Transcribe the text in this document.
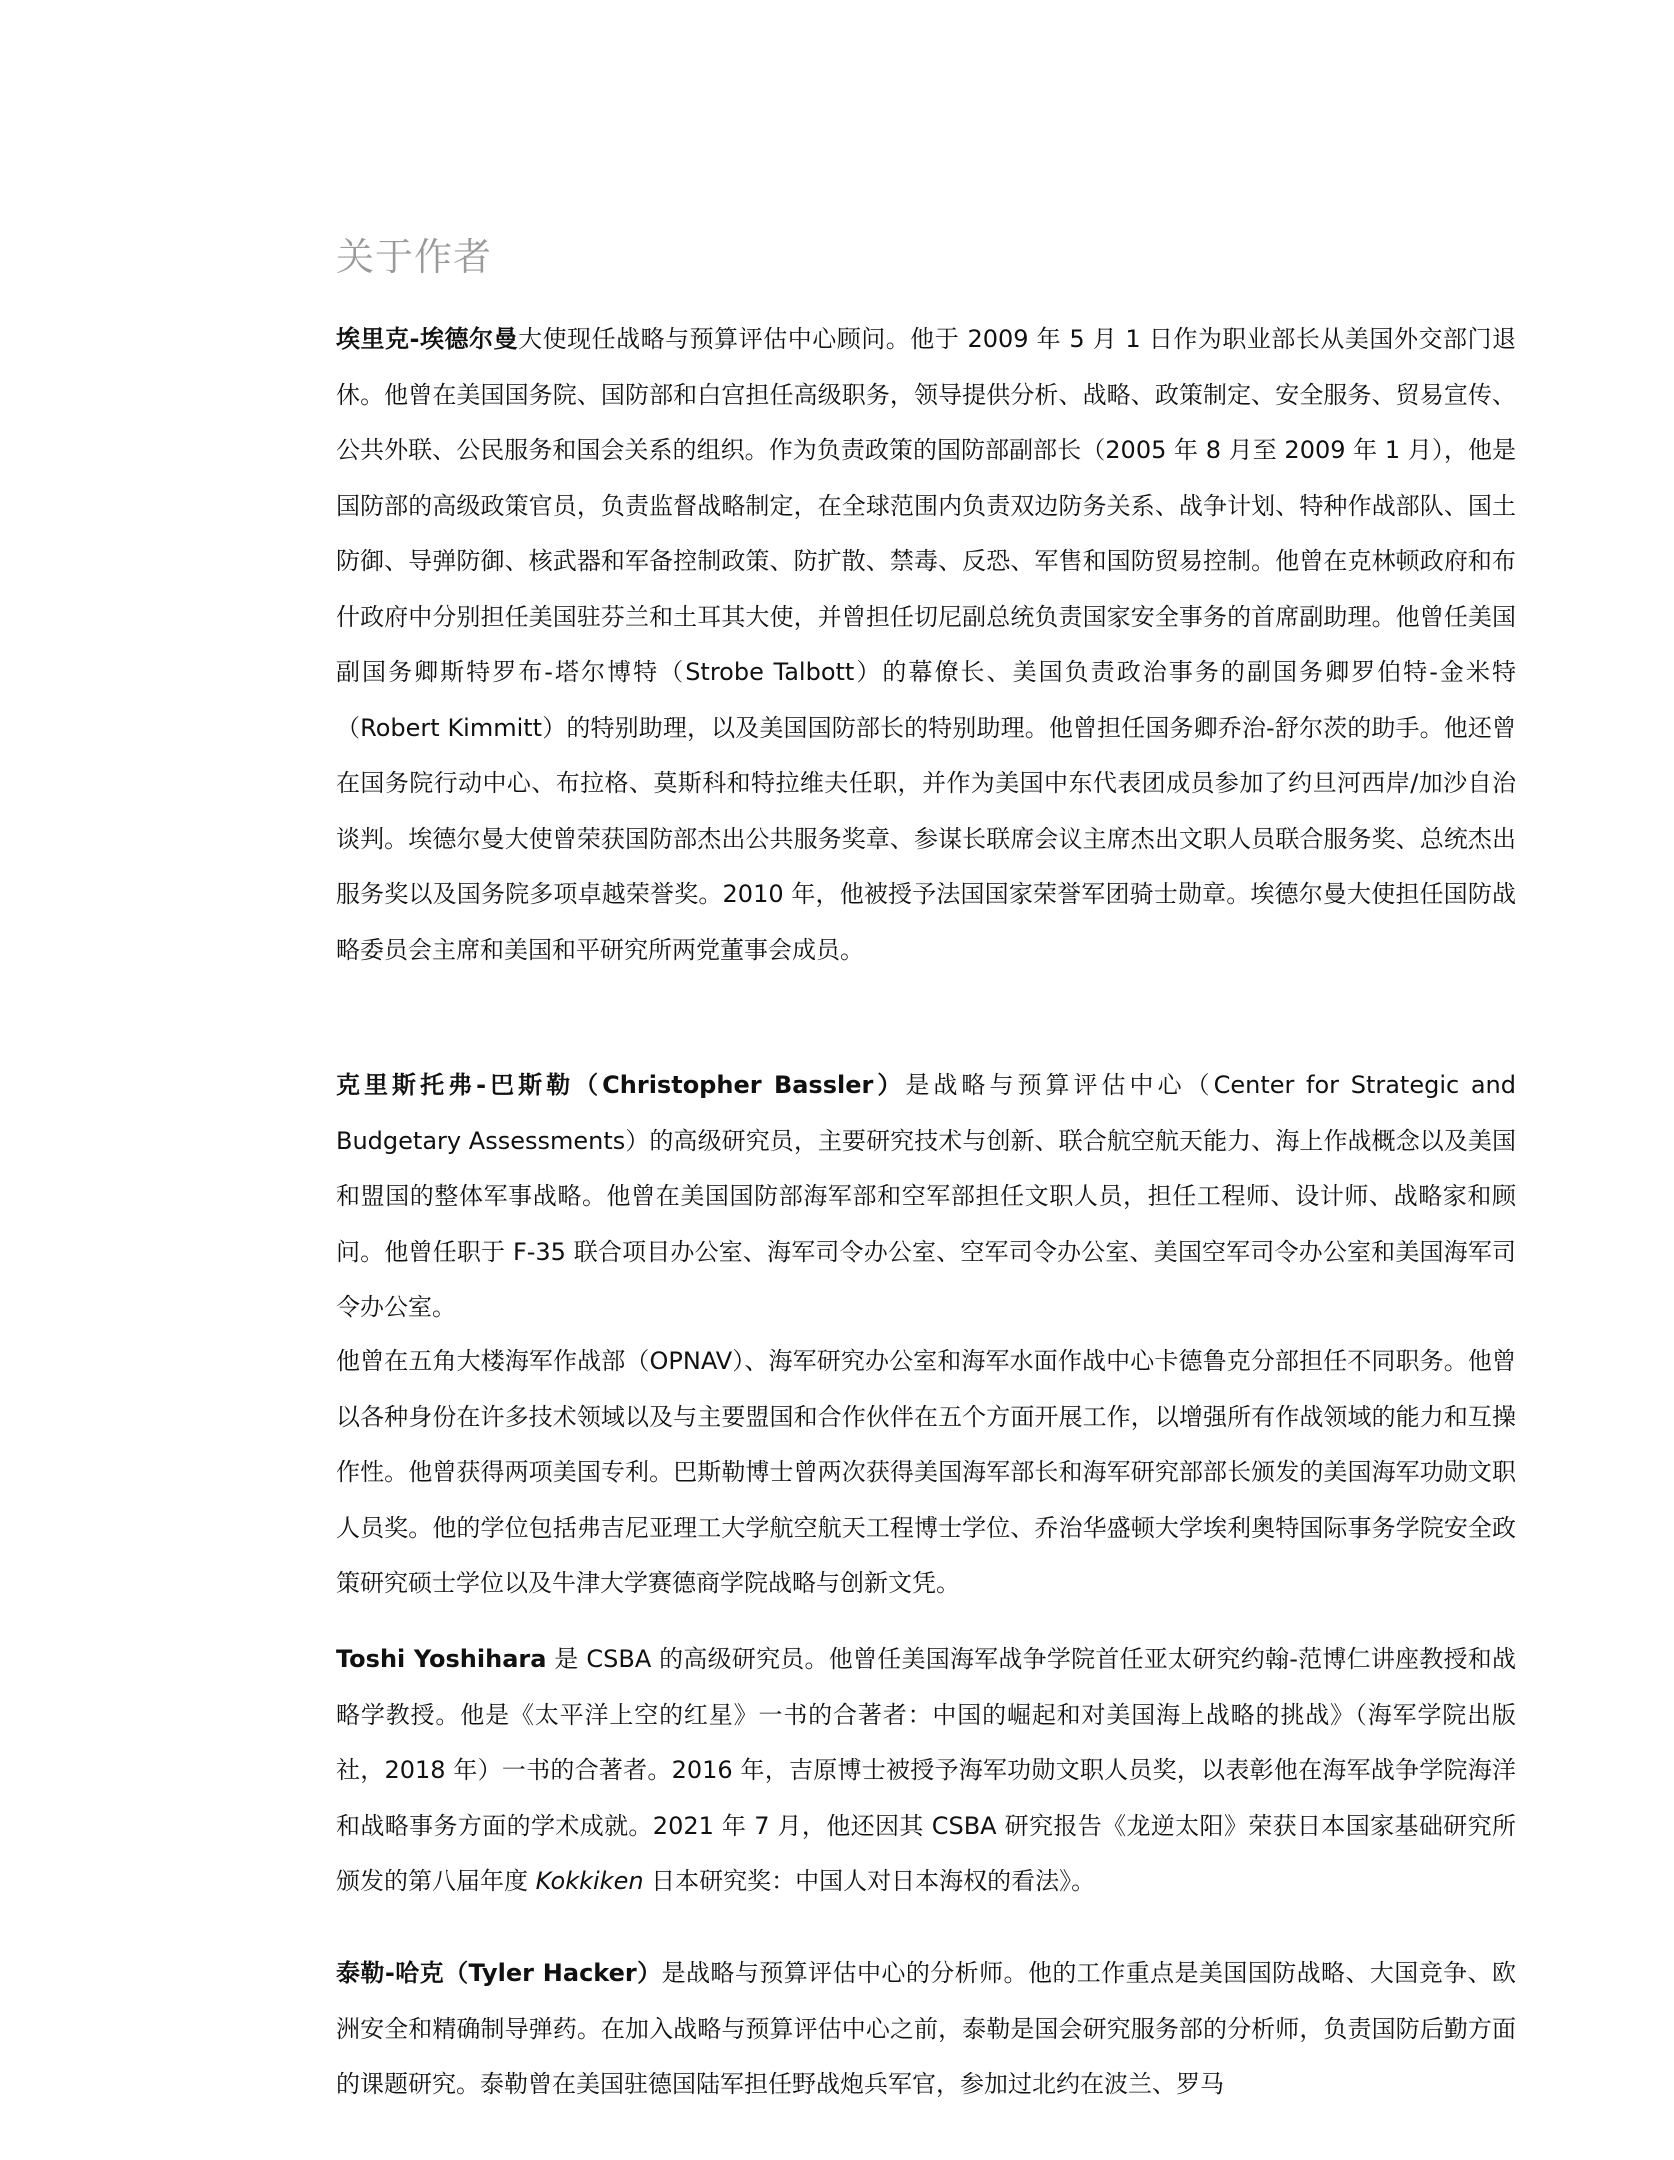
关于作者

埃里克-埃德尔曼大使现任战略与预算评估中心顾问。他于 2009 年 5 月 1 日作为职业部长从美国外交部门退休。他曾在美国国务院、国防部和白宫担任高级职务，领导提供分析、战略、政策制定、安全服务、贸易宣传、公共外联、公民服务和国会关系的组织。作为负责政策的国防部副部长（2005 年 8 月至 2009 年 1 月），他是国防部的高级政策官员，负责监督战略制定，在全球范围内负责双边防务关系、战争计划、特种作战部队、国土防御、导弹防御、核武器和军备控制政策、防扩散、禁毒、反恐、军售和国防贸易控制。他曾在克林顿政府和布什政府中分别担任美国驻芬兰和土耳其大使，并曾担任切尼副总统负责国家安全事务的首席副助理。他曾任美国副国务卿斯特罗布-塔尔博特（Strobe Talbott）的幕僚长、美国负责政治事务的副国务卿罗伯特-金米特（Robert Kimmitt）的特别助理，以及美国国防部长的特别助理。他曾担任国务卿乔治-舒尔茨的助手。他还曾在国务院行动中心、布拉格、莫斯科和特拉维夫任职，并作为美国中东代表团成员参加了约旦河西岸/加沙自治谈判。埃德尔曼大使曾荣获国防部杰出公共服务奖章、参谋长联席会议主席杰出文职人员联合服务奖、总统杰出服务奖以及国务院多项卓越荣誉奖。2010 年，他被授予法国国家荣誉军团骑士勋章。埃德尔曼大使担任国防战略委员会主席和美国和平研究所两党董事会成员。

克里斯托弗-巴斯勒（Christopher Bassler）是战略与预算评估中心（Center for Strategic and Budgetary Assessments）的高级研究员，主要研究技术与创新、联合航空航天能力、海上作战概念以及美国和盟国的整体军事战略。他曾在美国国防部海军部和空军部担任文职人员，担任工程师、设计师、战略家和顾问。他曾任职于 F-35 联合项目办公室、海军司令办公室、空军司令办公室、美国空军司令办公室和美国海军司令办公室。

他曾在五角大楼海军作战部（OPNAV）、海军研究办公室和海军水面作战中心卡德鲁克分部担任不同职务。他曾以各种身份在许多技术领域以及与主要盟国和合作伙伴在五个方面开展工作，以增强所有作战领域的能力和互操作性。他曾获得两项美国专利。巴斯勒博士曾两次获得美国海军部长和海军研究部部长颁发的美国海军功勋文职人员奖。他的学位包括弗吉尼亚理工大学航空航天工程博士学位、乔治华盛顿大学埃利奥特国际事务学院安全政策研究硕士学位以及牛津大学赛德商学院战略与创新文凭。

Toshi Yoshihara 是 CSBA 的高级研究员。他曾任美国海军战争学院首任亚太研究约翰-范博仁讲座教授和战略学教授。他是《太平洋上空的红星》一书的合著者：中国的崛起和对美国海上战略的挑战》（海军学院出版社，2018 年）一书的合著者。2016 年，吉原博士被授予海军功勋文职人员奖，以表彰他在海军战争学院海洋和战略事务方面的学术成就。2021 年 7 月，他还因其 CSBA 研究报告《龙逆太阳》荣获日本国家基础研究所颁发的第八届年度 Kokkiken 日本研究奖：中国人对日本海权的看法》。

泰勒-哈克（Tyler Hacker）是战略与预算评估中心的分析师。他的工作重点是美国国防战略、大国竞争、欧洲安全和精确制导弹药。在加入战略与预算评估中心之前，泰勒是国会研究服务部的分析师，负责国防后勤方面的课题研究。泰勒曾在美国驻德国陆军担任野战炮兵军官，参加过北约在波兰、罗马
